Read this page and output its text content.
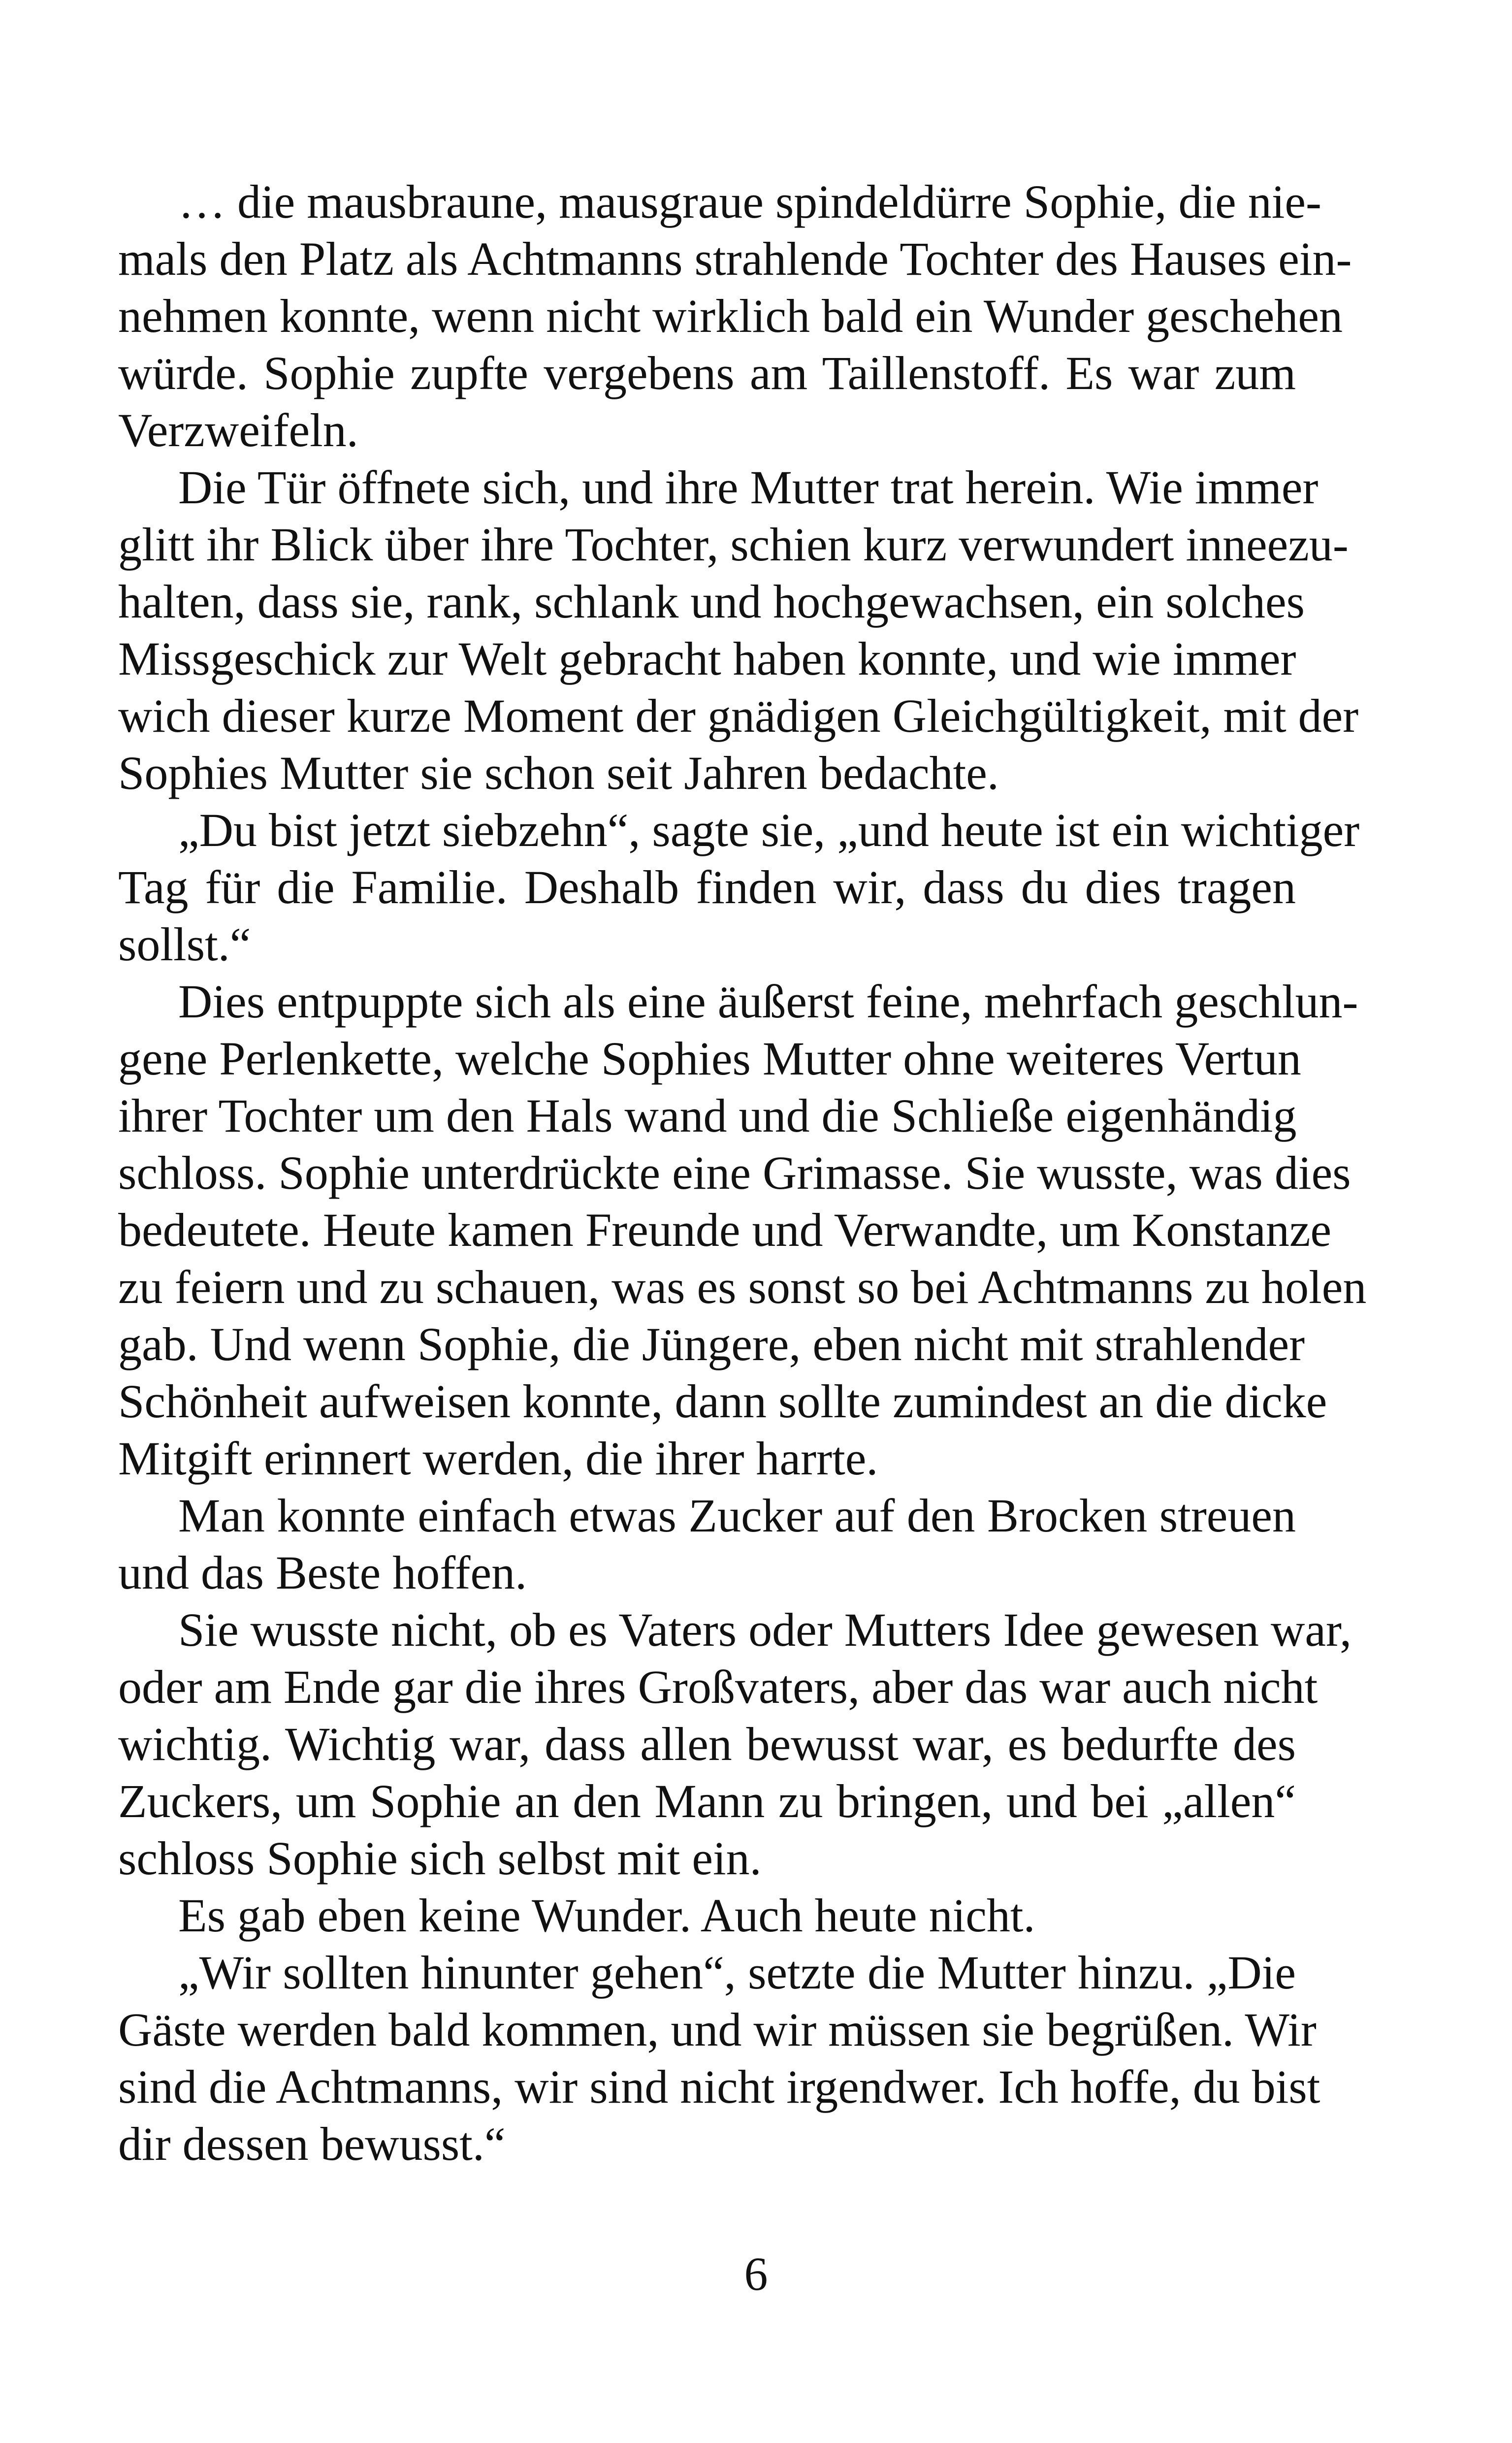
… die mausbraune, mausgraue spindeldürre Sophie, die nie-
mals den Platz als Achtmanns strahlende Tochter des Hauses ein-
nehmen konnte, wenn nicht wirklich bald ein Wunder geschehen
würde. Sophie zupfte vergebens am Taillenstoff. Es war zum
Verzweifeln.
Die Tür öffnete sich, und ihre Mutter trat herein. Wie immer
glitt ihr Blick über ihre Tochter, schien kurz verwundert inneezu-
halten, dass sie, rank, schlank und hochgewachsen, ein solches
Missgeschick zur Welt gebracht haben konnte, und wie immer
wich dieser kurze Moment der gnädigen Gleichgültigkeit, mit der
Sophies Mutter sie schon seit Jahren bedachte.
„Du bist jetzt siebzehn“, sagte sie, „und heute ist ein wichtiger
Tag für die Familie. Deshalb finden wir, dass du dies tragen
sollst.“
Dies entpuppte sich als eine äußerst feine, mehrfach geschlun-
gene Perlenkette, welche Sophies Mutter ohne weiteres Vertun
ihrer Tochter um den Hals wand und die Schließe eigenhändig
schloss. Sophie unterdrückte eine Grimasse. Sie wusste, was dies
bedeutete. Heute kamen Freunde und Verwandte, um Konstanze
zu feiern und zu schauen, was es sonst so bei Achtmanns zu holen
gab. Und wenn Sophie, die Jüngere, eben nicht mit strahlender
Schönheit aufweisen konnte, dann sollte zumindest an die dicke
Mitgift erinnert werden, die ihrer harrte.
Man konnte einfach etwas Zucker auf den Brocken streuen
und das Beste hoffen.
Sie wusste nicht, ob es Vaters oder Mutters Idee gewesen war,
oder am Ende gar die ihres Großvaters, aber das war auch nicht
wichtig. Wichtig war, dass allen bewusst war, es bedurfte des
Zuckers, um Sophie an den Mann zu bringen, und bei „allen“
schloss Sophie sich selbst mit ein.
Es gab eben keine Wunder. Auch heute nicht.
„Wir sollten hinunter gehen“, setzte die Mutter hinzu. „Die
Gäste werden bald kommen, und wir müssen sie begrüßen. Wir
sind die Achtmanns, wir sind nicht irgendwer. Ich hoffe, du bist
dir dessen bewusst.“
6
